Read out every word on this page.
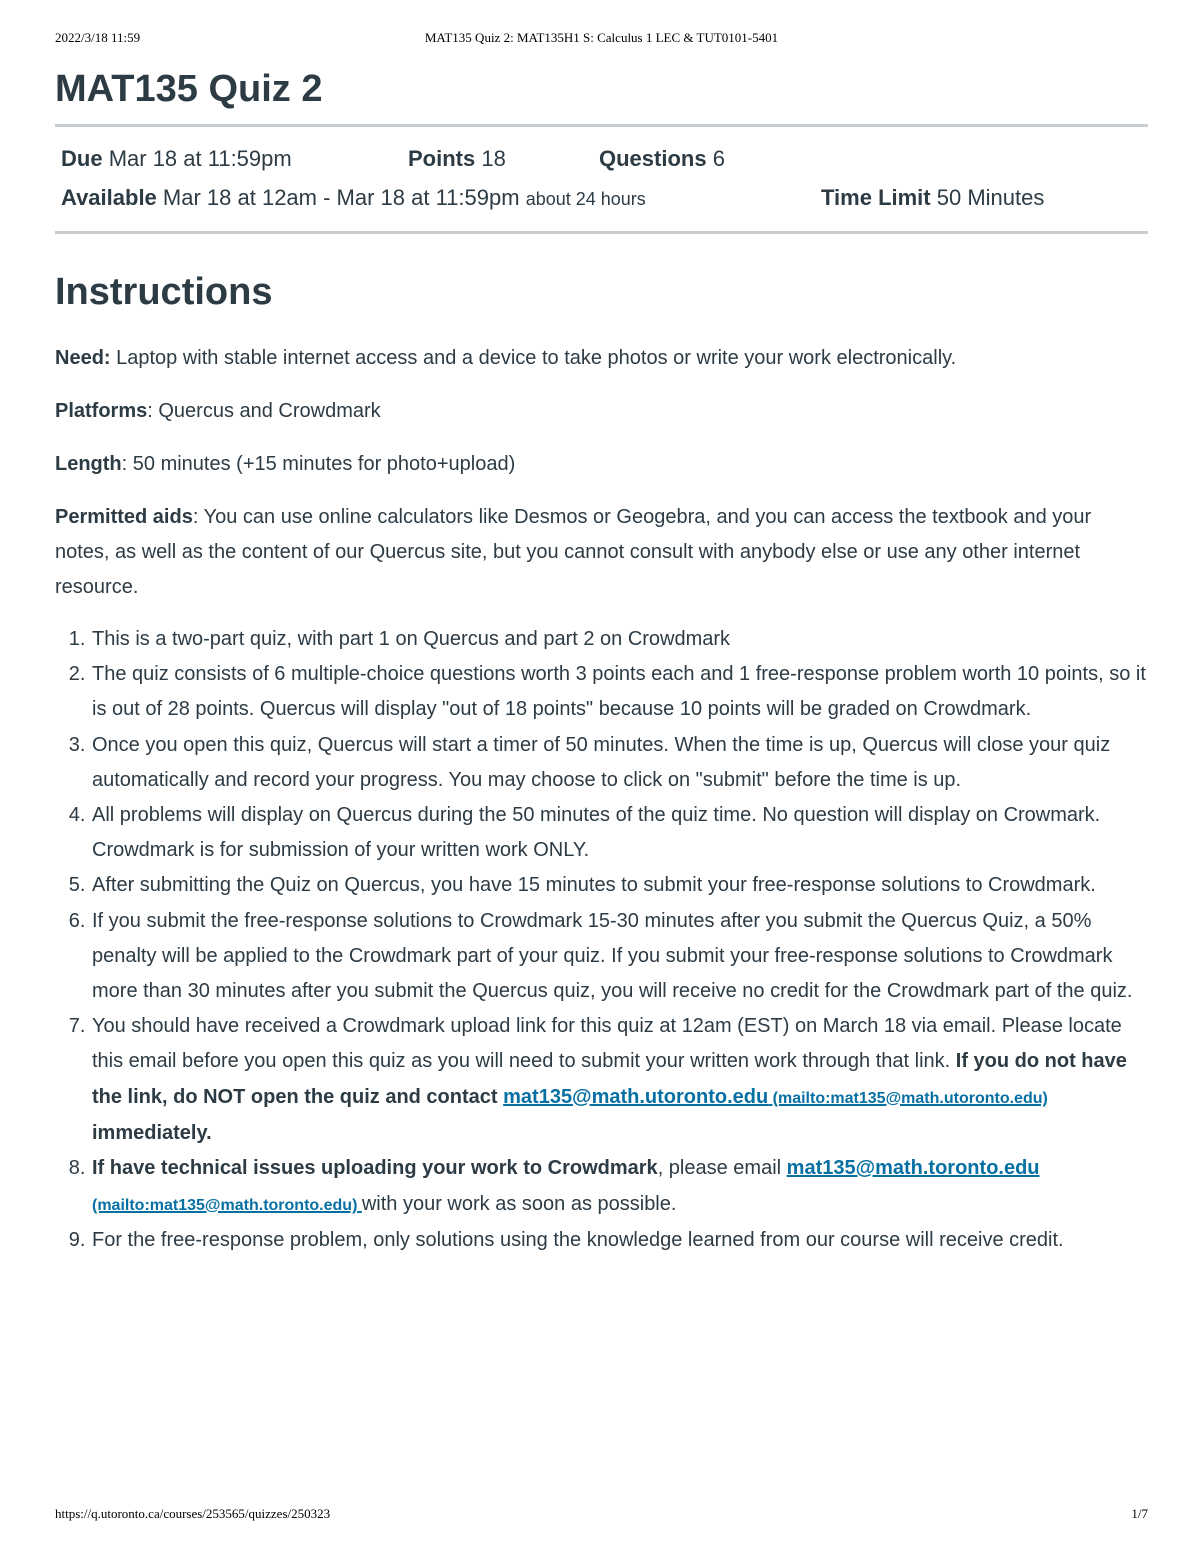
2022/3/18 11:59	MAT135 Quiz 2: MAT135H1 S: Calculus 1 LEC & TUT0101-5401
MAT135 Quiz 2
Due Mar 18 at 11:59pm	Points 18	Questions 6
Available Mar 18 at 12am - Mar 18 at 11:59pm about 24 hours	Time Limit 50 Minutes
Instructions

Need: Laptop with stable internet access and a device to take photos or write your work electronically.

Platforms: Quercus and Crowdmark

Length: 50 minutes (+15 minutes for photo+upload)

Permitted aids: You can use online calculators like Desmos or Geogebra, and you can access the textbook and your notes, as well as the content of our Quercus site, but you cannot consult with anybody else or use any other internet resource.

1. This is a two-part quiz, with part 1 on Quercus and part 2 on Crowdmark
2. The quiz consists of 6 multiple-choice questions worth 3 points each and 1 free-response problem worth 10 points, so it is out of 28 points. Quercus will display "out of 18 points" because 10 points will be graded on Crowdmark.
3. Once you open this quiz, Quercus will start a timer of 50 minutes. When the time is up, Quercus will close your quiz automatically and record your progress. You may choose to click on "submit" before the time is up.
4. All problems will display on Quercus during the 50 minutes of the quiz time. No question will display on Crowmark. Crowdmark is for submission of your written work ONLY.
5. After submitting the Quiz on Quercus, you have 15 minutes to submit your free-response solutions to Crowdmark.
6. If you submit the free-response solutions to Crowdmark 15-30 minutes after you submit the Quercus Quiz, a 50% penalty will be applied to the Crowdmark part of your quiz. If you submit your free-response solutions to Crowdmark more than 30 minutes after you submit the Quercus quiz, you will receive no credit for the Crowdmark part of the quiz.
7. You should have received a Crowdmark upload link for this quiz at 12am (EST) on March 18 via email. Please locate this email before you open this quiz as you will need to submit your written work through that link. If you do not have the link, do NOT open the quiz and contact mat135@math.utoronto.edu (mailto:mat135@math.utoronto.edu) immediately.
8. If have technical issues uploading your work to Crowdmark, please email mat135@math.toronto.edu (mailto:mat135@math.toronto.edu) with your work as soon as possible.
9. For the free-response problem, only solutions using the knowledge learned from our course will receive credit.
https://q.utoronto.ca/courses/253565/quizzes/250323	1/7
